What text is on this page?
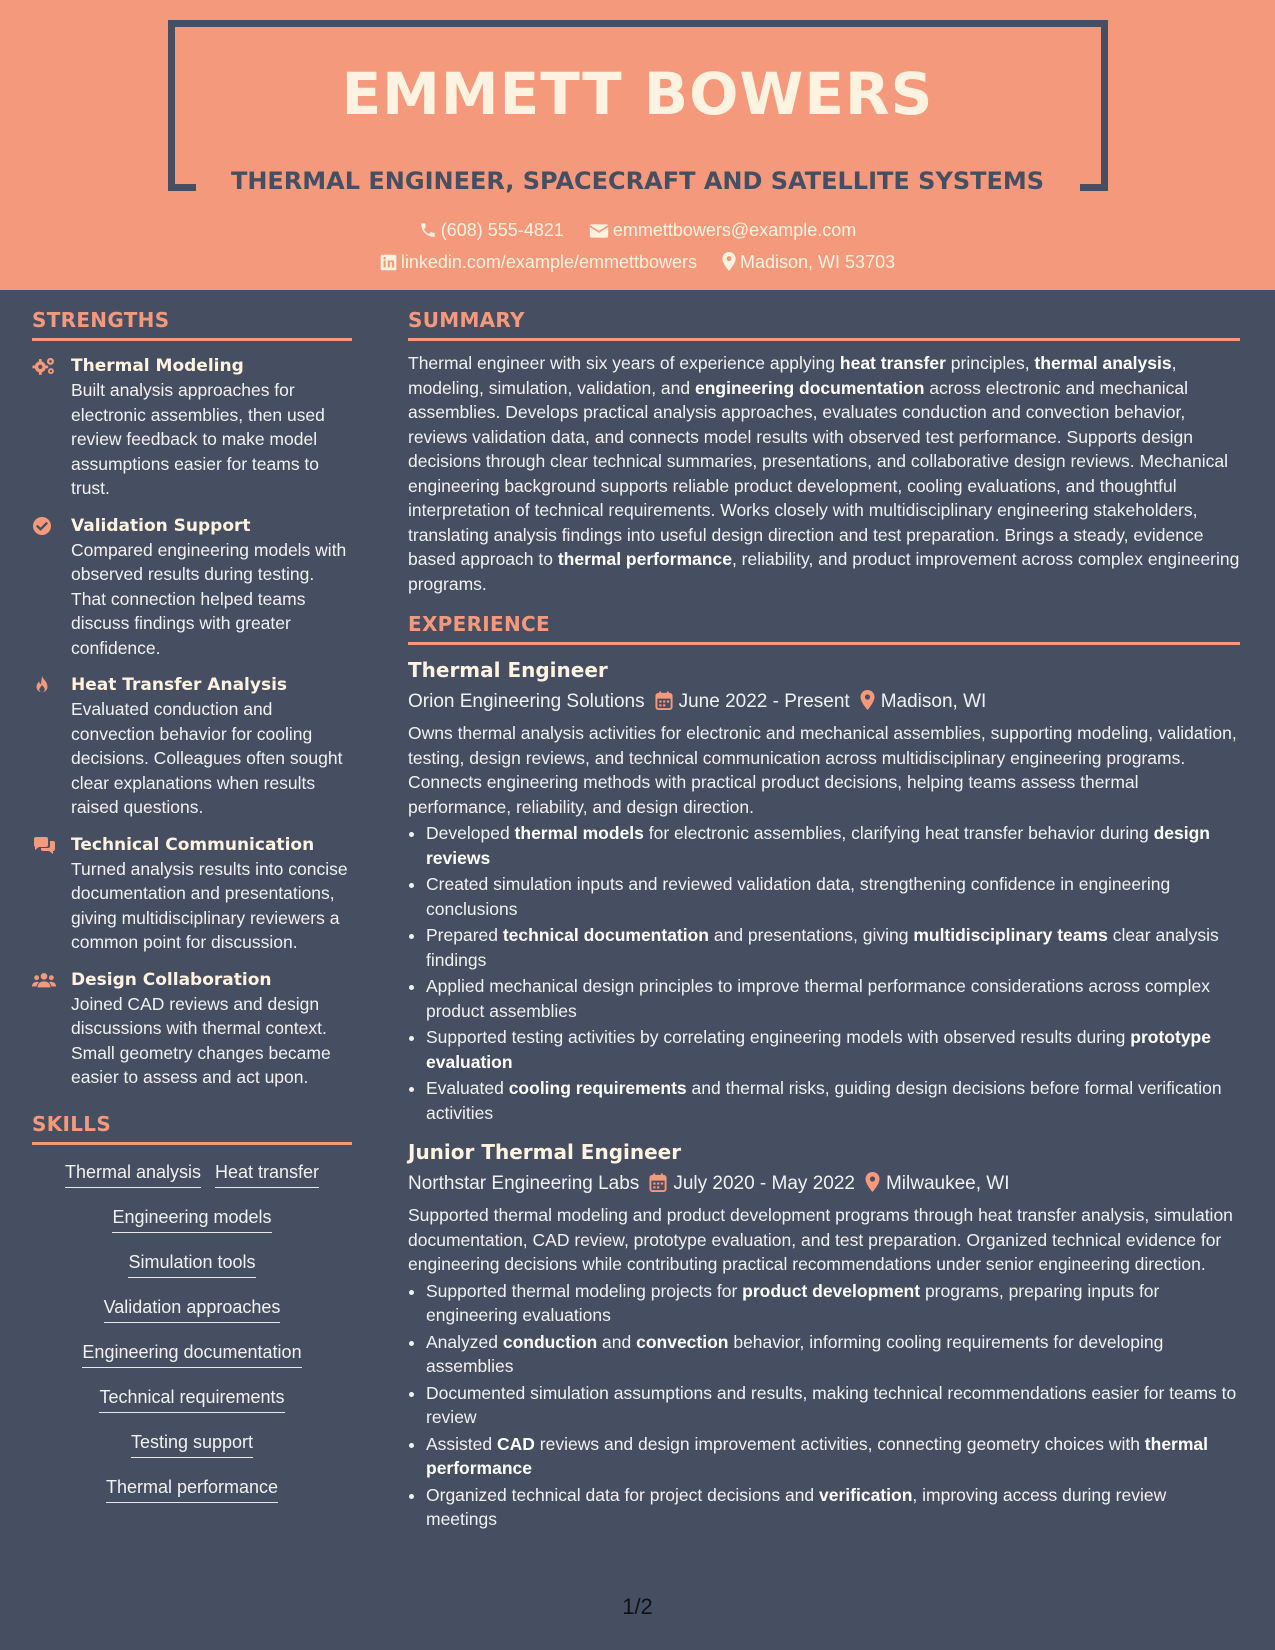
EMMETT BOWERS
THERMAL ENGINEER, SPACECRAFT AND SATELLITE SYSTEMS
(608) 555-4821	emmettbowers@example.com
linkedin.com/example/emmettbowers Madison, WI 53703
STRENGTHS
Thermal Modeling
Built analysis approaches for electronic assemblies, then used review feedback to make model assumptions easier for teams to trust.
Validation Support
Compared engineering models with observed results during testing. That connection helped teams discuss findings with greater confidence.
Heat Transfer Analysis
Evaluated conduction and convection behavior for cooling decisions. Colleagues often sought clear explanations when results raised questions.
Technical Communication
Turned analysis results into concise documentation and presentations, giving multidisciplinary reviewers a common point for discussion.
Design Collaboration
Joined CAD reviews and design discussions with thermal context. Small geometry changes became easier to assess and act upon.
SKILLS
Thermal analysis Heat transfer
Engineering models
Simulation tools
Validation approaches
Engineering documentation
Technical requirements
Testing support
Thermal performance
SUMMARY

Thermal engineer with six years of experience applying heat transfer principles, thermal analysis, modeling, simulation, validation, and engineering documentation across electronic and mechanical assemblies. Develops practical analysis approaches, evaluates conduction and convection behavior, reviews validation data, and connects model results with observed test performance. Supports design decisions through clear technical summaries, presentations, and collaborative design reviews. Mechanical engineering background supports reliable product development, cooling evaluations, and thoughtful interpretation of technical requirements. Works closely with multidisciplinary engineering stakeholders, translating analysis findings into useful design direction and test preparation. Brings a steady, evidence based approach to thermal performance, reliability, and product improvement across complex engineering programs.

EXPERIENCE
Thermal Engineer
Orion Engineering Solutions June 2022 - Present Madison, WI

Owns thermal analysis activities for electronic and mechanical assemblies, supporting modeling, validation, testing, design reviews, and technical communication across multidisciplinary engineering programs. Connects engineering methods with practical product decisions, helping teams assess thermal performance, reliability, and design direction.

• Developed thermal models for electronic assemblies, clarifying heat transfer behavior during design reviews
• Created simulation inputs and reviewed validation data, strengthening confidence in engineering conclusions
• Prepared technical documentation and presentations, giving multidisciplinary teams clear analysis findings
• Applied mechanical design principles to improve thermal performance considerations across complex product assemblies
• Supported testing activities by correlating engineering models with observed results during prototype evaluation
• Evaluated cooling requirements and thermal risks, guiding design decisions before formal verification activities
Junior Thermal Engineer
Northstar Engineering Labs July 2020 - May 2022 Milwaukee, WI

Supported thermal modeling and product development programs through heat transfer analysis, simulation documentation, CAD review, prototype evaluation, and test preparation. Organized technical evidence for engineering decisions while contributing practical recommendations under senior engineering direction.

• Supported thermal modeling projects for product development programs, preparing inputs for engineering evaluations
• Analyzed conduction and convection behavior, informing cooling requirements for developing assemblies
• Documented simulation assumptions and results, making technical recommendations easier for teams to review
• Assisted CAD reviews and design improvement activities, connecting geometry choices with thermal performance
• Organized technical data for project decisions and verification, improving access during review meetings
1/2
